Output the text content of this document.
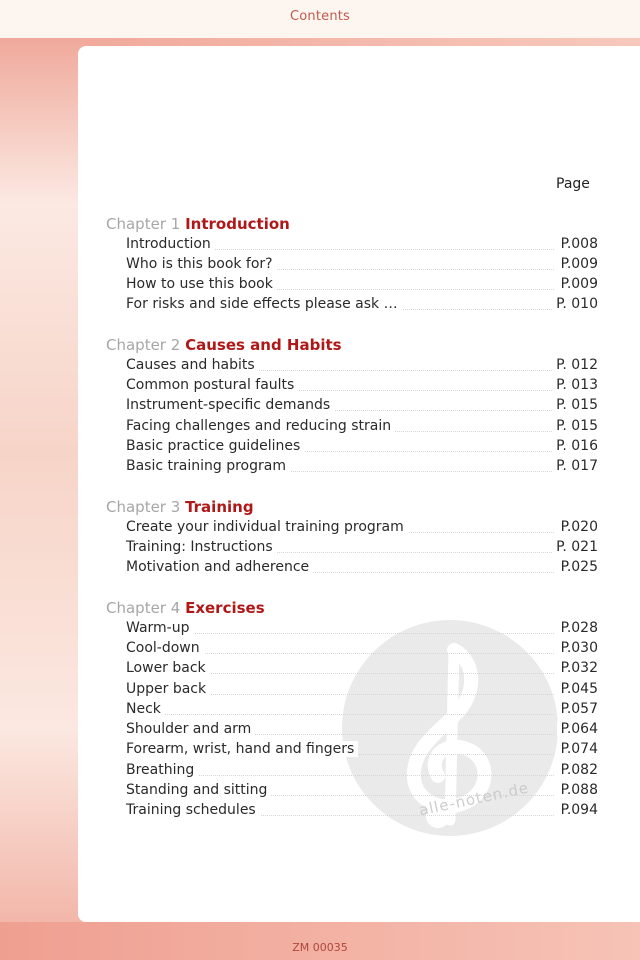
Contents
Page
alle-noten.de
Chapter 1 Introduction
Introduction	P.008
Who is this book for?	P.009
How to use this book	P.009
For risks and side effects please ask …	P. 010
Chapter 2 Causes and Habits
Causes and habits	P. 012
Common postural faults	P. 013
Instrument-specific demands	P. 015
Facing challenges and reducing strain	P. 015
Basic practice guidelines	P. 016
Basic training program	P. 017
Chapter 3 Training
Create your individual training program	P.020
Training: Instructions	P. 021
Motivation and adherence	P.025
Chapter 4 Exercises
Warm-up	P.028
Cool-down	P.030
Lower back	P.032
Upper back	P.045
Neck	P.057
Shoulder and arm	P.064
Forearm, wrist, hand and fingers	P.074
Breathing	P.082
Standing and sitting	P.088
Training schedules	P.094
ZM 00035
